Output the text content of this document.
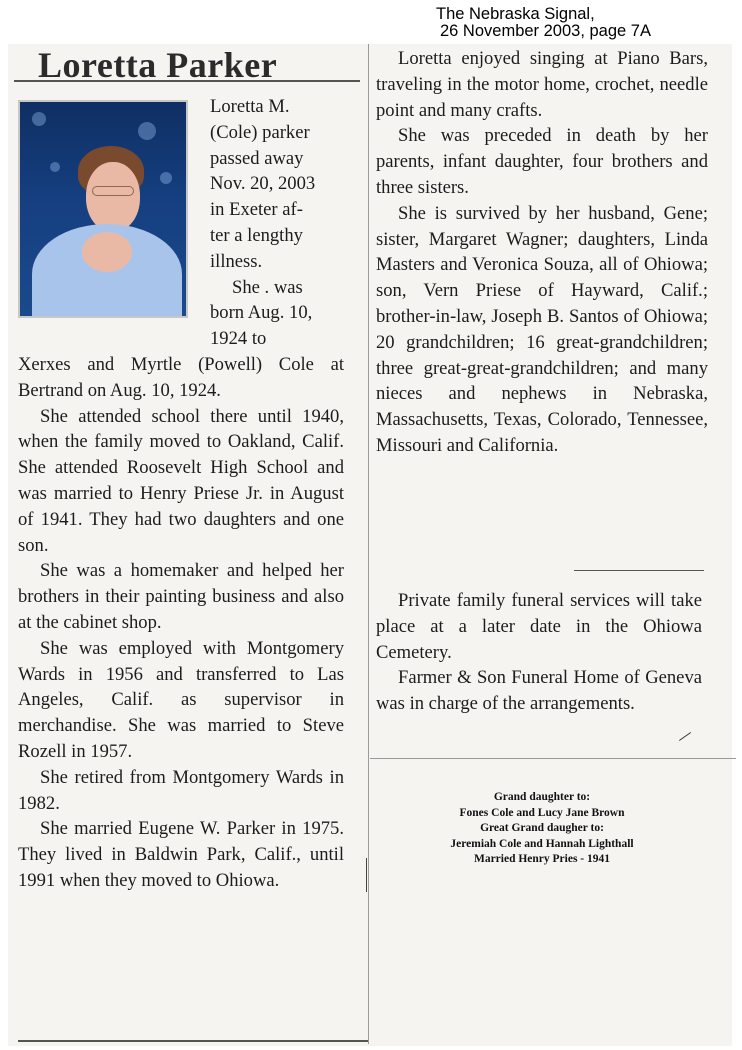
The Nebraska Signal,
26 November 2003, page 7A
Loretta Parker
Loretta M.
(Cole) parker
passed away
Nov. 20, 2003
in Exeter af-
ter a lengthy
illness.
She . was
born Aug. 10,
1924 to

Xerxes and Myrtle (Powell) Cole at Bertrand on Aug. 10, 1924.

She attended school there until 1940, when the family moved to Oakland, Calif. She attended Roosevelt High School and was married to Henry Priese Jr. in August of 1941. They had two daughters and one son.

She was a homemaker and helped her brothers in their painting business and also at the cabinet shop.

She was employed with Montgomery Wards in 1956 and transferred to Las Angeles, Calif. as supervisor in merchandise. She was married to Steve Rozell in 1957.

She retired from Montgomery Wards in 1982.

She married Eugene W. Parker in 1975. They lived in Baldwin Park, Calif., until 1991 when they moved to Ohiowa.

Loretta enjoyed singing at Piano Bars, traveling in the motor home, crochet, needle point and many crafts.

She was preceded in death by her parents, infant daughter, four brothers and three sisters.

She is survived by her husband, Gene; sister, Margaret Wagner; daughters, Linda Masters and Veronica Souza, all of Ohiowa; son, Vern Priese of Hayward, Calif.; brother-in-law, Joseph B. Santos of Ohiowa; 20 grandchildren; 16 great-grandchildren; three great-great-grandchildren; and many nieces and nephews in Nebraska, Massachusetts, Texas, Colorado, Tennessee, Missouri and California.

Private family funeral services will take place at a later date in the Ohiowa Cemetery.

Farmer & Son Funeral Home of Geneva was in charge of the arrangements.

Grand daughter to:
Fones Cole and Lucy Jane Brown
Great Grand daugher to:
Jeremiah Cole and Hannah Lighthall
Married Henry Pries - 1941
